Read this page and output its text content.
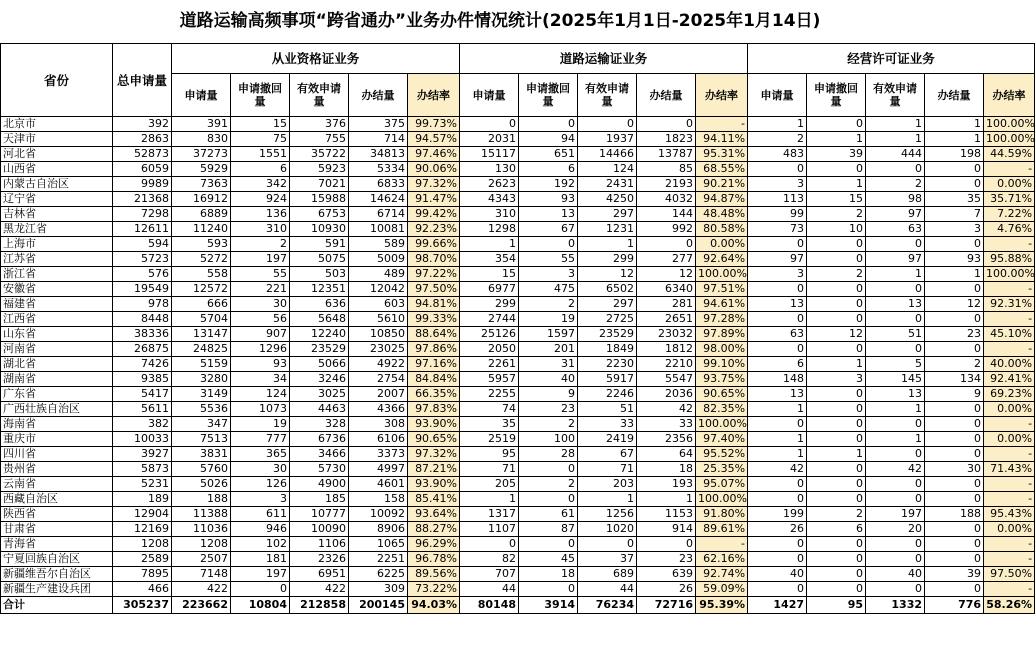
道路运输高频事项“跨省通办”业务办件情况统计(2025年1月1日-2025年1月14日)
省份	总申请量	从业资格证业务					道路运输证业务					经营许可证业务				
		申请量	申请撤回量	有效申请量	办结量	办结率	申请量	申请撤回量	有效申请量	办结量	办结率	申请量	申请撤回量	有效申请量	办结量	办结率
北京市	392	391	15	376	375	99.73%	0	0	0	0	-	1	0	1	1	100.00%
天津市	2863	830	75	755	714	94.57%	2031	94	1937	1823	94.11%	2	1	1	1	100.00%
河北省	52873	37273	1551	35722	34813	97.46%	15117	651	14466	13787	95.31%	483	39	444	198	44.59%
山西省	6059	5929	6	5923	5334	90.06%	130	6	124	85	68.55%	0	0	0	0	-
内蒙古自治区	9989	7363	342	7021	6833	97.32%	2623	192	2431	2193	90.21%	3	1	2	0	0.00%
辽宁省	21368	16912	924	15988	14624	91.47%	4343	93	4250	4032	94.87%	113	15	98	35	35.71%
吉林省	7298	6889	136	6753	6714	99.42%	310	13	297	144	48.48%	99	2	97	7	7.22%
黑龙江省	12611	11240	310	10930	10081	92.23%	1298	67	1231	992	80.58%	73	10	63	3	4.76%
上海市	594	593	2	591	589	99.66%	1	0	1	0	0.00%	0	0	0	0	-
江苏省	5723	5272	197	5075	5009	98.70%	354	55	299	277	92.64%	97	0	97	93	95.88%
浙江省	576	558	55	503	489	97.22%	15	3	12	12	100.00%	3	2	1	1	100.00%
安徽省	19549	12572	221	12351	12042	97.50%	6977	475	6502	6340	97.51%	0	0	0	0	-
福建省	978	666	30	636	603	94.81%	299	2	297	281	94.61%	13	0	13	12	92.31%
江西省	8448	5704	56	5648	5610	99.33%	2744	19	2725	2651	97.28%	0	0	0	0	-
山东省	38336	13147	907	12240	10850	88.64%	25126	1597	23529	23032	97.89%	63	12	51	23	45.10%
河南省	26875	24825	1296	23529	23025	97.86%	2050	201	1849	1812	98.00%	0	0	0	0	-
湖北省	7426	5159	93	5066	4922	97.16%	2261	31	2230	2210	99.10%	6	1	5	2	40.00%
湖南省	9385	3280	34	3246	2754	84.84%	5957	40	5917	5547	93.75%	148	3	145	134	92.41%
广东省	5417	3149	124	3025	2007	66.35%	2255	9	2246	2036	90.65%	13	0	13	9	69.23%
广西壮族自治区	5611	5536	1073	4463	4366	97.83%	74	23	51	42	82.35%	1	0	1	0	0.00%
海南省	382	347	19	328	308	93.90%	35	2	33	33	100.00%	0	0	0	0	-
重庆市	10033	7513	777	6736	6106	90.65%	2519	100	2419	2356	97.40%	1	0	1	0	0.00%
四川省	3927	3831	365	3466	3373	97.32%	95	28	67	64	95.52%	1	1	0	0	-
贵州省	5873	5760	30	5730	4997	87.21%	71	0	71	18	25.35%	42	0	42	30	71.43%
云南省	5231	5026	126	4900	4601	93.90%	205	2	203	193	95.07%	0	0	0	0	-
西藏自治区	189	188	3	185	158	85.41%	1	0	1	1	100.00%	0	0	0	0	-
陕西省	12904	11388	611	10777	10092	93.64%	1317	61	1256	1153	91.80%	199	2	197	188	95.43%
甘肃省	12169	11036	946	10090	8906	88.27%	1107	87	1020	914	89.61%	26	6	20	0	0.00%
青海省	1208	1208	102	1106	1065	96.29%	0	0	0	0	-	0	0	0	0	-
宁夏回族自治区	2589	2507	181	2326	2251	96.78%	82	45	37	23	62.16%	0	0	0	0	-
新疆维吾尔自治区	7895	7148	197	6951	6225	89.56%	707	18	689	639	92.74%	40	0	40	39	97.50%
新疆生产建设兵团	466	422	0	422	309	73.22%	44	0	44	26	59.09%	0	0	0	0	-
合计	305237	223662	10804	212858	200145	94.03%	80148	3914	76234	72716	95.39%	1427	95	1332	776	58.26%
